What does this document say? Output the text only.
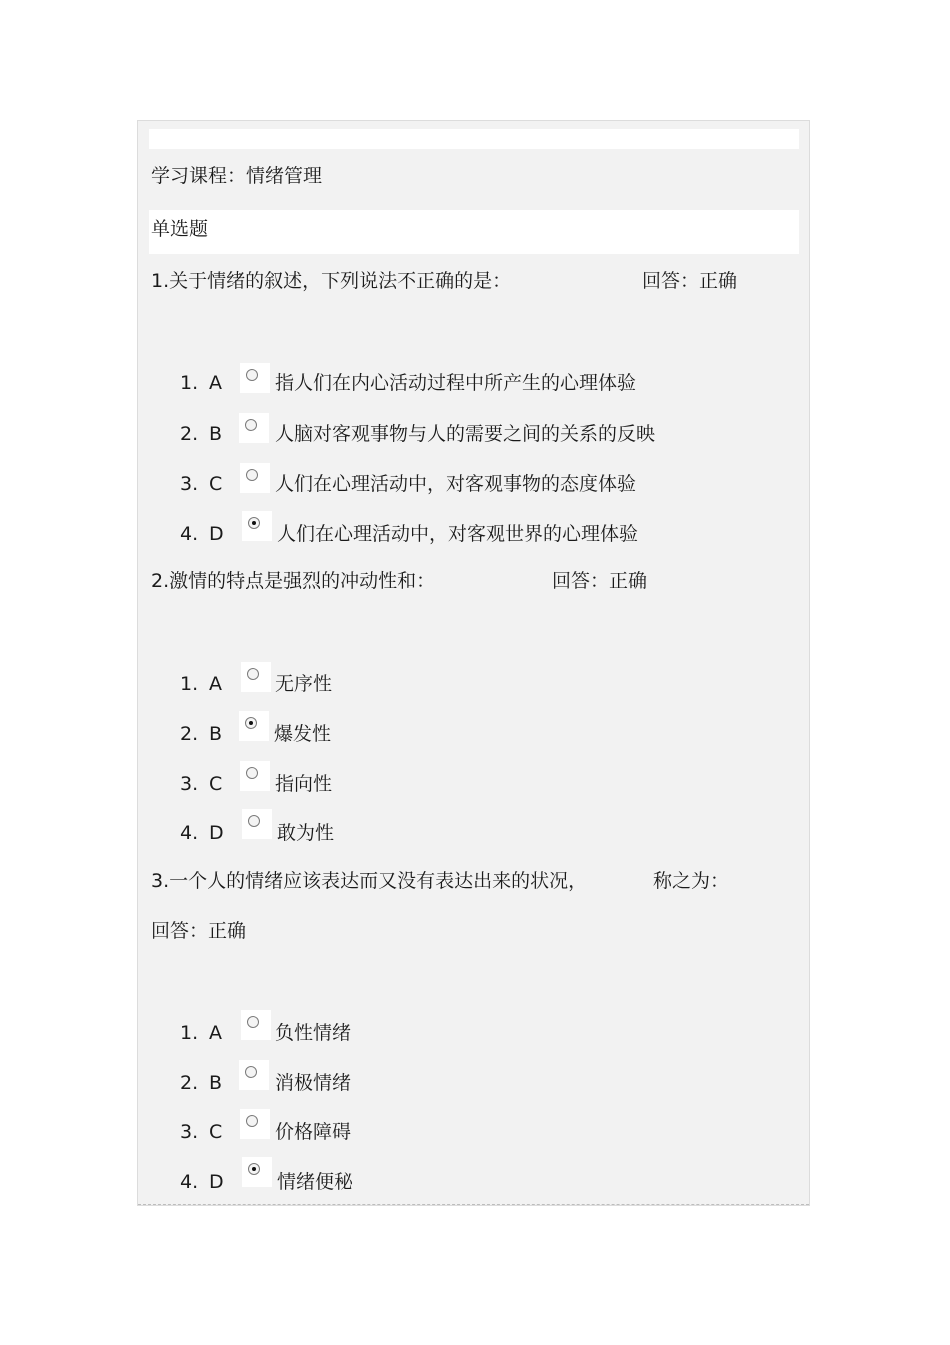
学习课程：情绪管理
单选题
1.关于情绪的叙述，下列说法不正确的是：	回答：正确
1. A	指人们在内心活动过程中所产生的心理体验
2. B	人脑对客观事物与人的需要之间的关系的反映
3. C	人们在心理活动中，对客观事物的态度体验
4. D	人们在心理活动中，对客观世界的心理体验
2.激情的特点是强烈的冲动性和：	回答：正确
1. A	无序性
2. B	爆发性
3. C	指向性
4. D	敢为性
3.一个人的情绪应该表达而又没有表达出来的状况，	称之为：
回答：正确
1. A	负性情绪
2. B	消极情绪
3. C	价格障碍
4. D	情绪便秘
